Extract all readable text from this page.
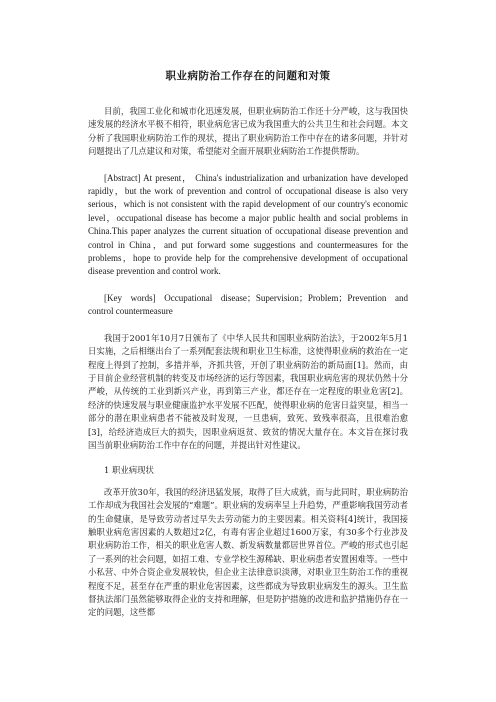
职业病防治工作存在的问题和对策

目前，我国工业化和城市化迅速发展，但职业病防治工作还十分严峻，这与我国快速发展的经济水平极不相符，职业病危害已成为我国重大的公共卫生和社会问题。本文分析了我国职业病防治工作的现状，提出了职业病防治工作中存在的诸多问题，并针对问题提出了几点建议和对策，希望能对全面开展职业病防治工作提供帮助。

[Abstract] At present， China's industrialization and urbanization have developed rapidly，but the work of prevention and control of occupational disease is also very serious，which is not consistent with the rapid development of our country's economic level，occupational disease has become a major public health and social problems in China.This paper analyzes the current situation of occupational disease prevention and control in China，and put forward some suggestions and countermeasures for the problems，hope to provide help for the comprehensive development of occupational disease prevention and control work.

[Key words] Occupational disease；Supervision；Problem；Prevention and control countermeasure

我国于2001年10月7日颁布了《中华人民共和国职业病防治法》，于2002年5月1日实施，之后相继出台了一系列配套法规和职业卫生标准，这使得职业病的救治在一定程度上得到了控制，多措并举，齐抓共管，开创了职业病防治的新局面[1]。然而，由于目前企业经营机制的转变及市场经济的运行等因素，我国职业病危害的现状仍然十分严峻，从传统的工业到新兴产业，再到第三产业，都还存在一定程度的职业危害[2]。经济的快速发展与职业健康监护水平发展不匹配，使得职业病的危害日益突显，相当一部分的潜在职业病患者不能被及时发现，一旦患病，致死、致残率很高，且很难治愈[3]，给经济造成巨大的损失，因职业病返贫、致贫的情况大量存在。本文旨在探讨我国当前职业病防治工作中存在的问题，并提出针对性建议。

1 职业病现状

改革开放30年，我国的经济迅猛发展，取得了巨大成就，而与此同时，职业病防治工作却成为我国社会发展的“难题”。职业病的发病率呈上升趋势，严重影响我国劳动者的生命健康，是导致劳动者过早失去劳动能力的主要因素。相关资料[4]统计，我国接触职业病危害因素的人数超过2亿，有毒有害企业超过1600万家，有30多个行业涉及职业病防治工作，相关的职业危害人数、新发病数量都居世界首位。严峻的形式也引起了一系列的社会问题，如招工难、专业学校生源稀缺、职业病患者安置困难等。一些中小私营、中外合资企业发展较快，但企业主法律意识淡薄，对职业卫生防治工作的重视程度不足，甚至存在严重的职业危害因素，这些都成为导致职业病发生的源头。卫生监督执法部门虽然能够取得企业的支持和理解，但是防护措施的改进和监护措施仍存在一定的问题，这些都
